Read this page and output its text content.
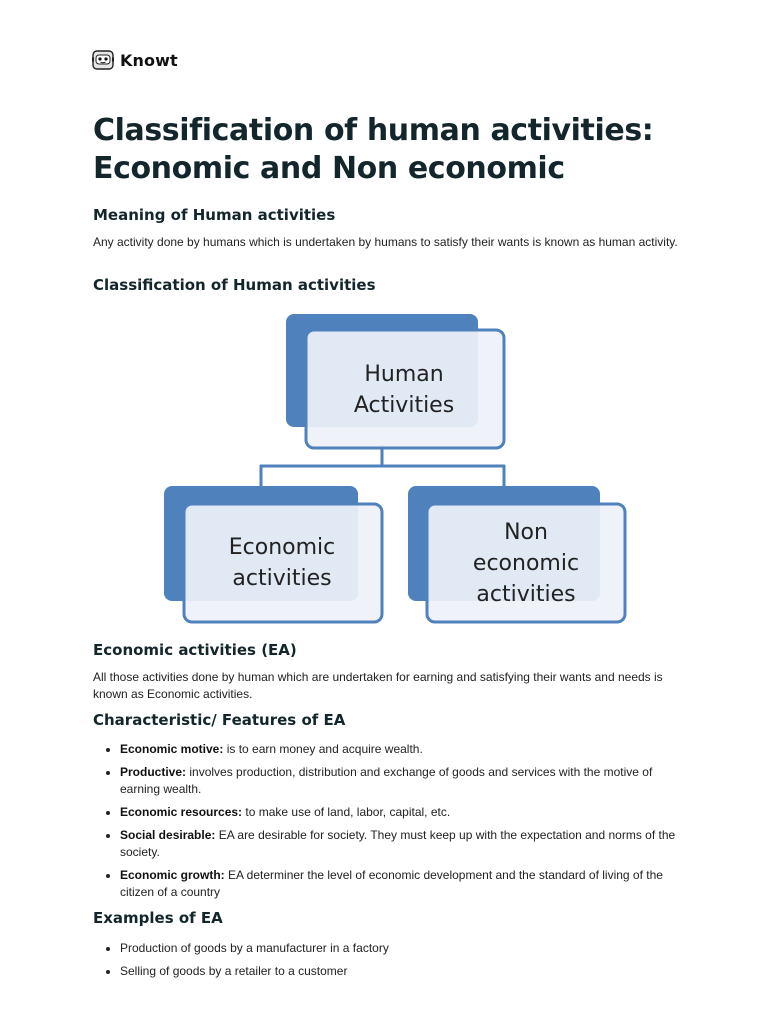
Knowt
Classification of human activities: Economic and Non economic
Meaning of Human activities

Any activity done by humans which is undertaken by humans to satisfy their wants is known as human activity.

Classification of Human activities
Human
Activities
Economic
activities
Non
economic
activities
Economic activities (EA)

All those activities done by human which are undertaken for earning and satisfying their wants and needs is known as Economic activities.

Characteristic/ Features of EA
• Economic motive: is to earn money and acquire wealth.
• Productive: involves production, distribution and exchange of goods and services with the motive of earning wealth.
• Economic resources: to make use of land, labor, capital, etc.
• Social desirable: EA are desirable for society. They must keep up with the expectation and norms of the society.
• Economic growth: EA determiner the level of economic development and the standard of living of the citizen of a country
Examples of EA
• Production of goods by a manufacturer in a factory
• Selling of goods by a retailer to a customer
